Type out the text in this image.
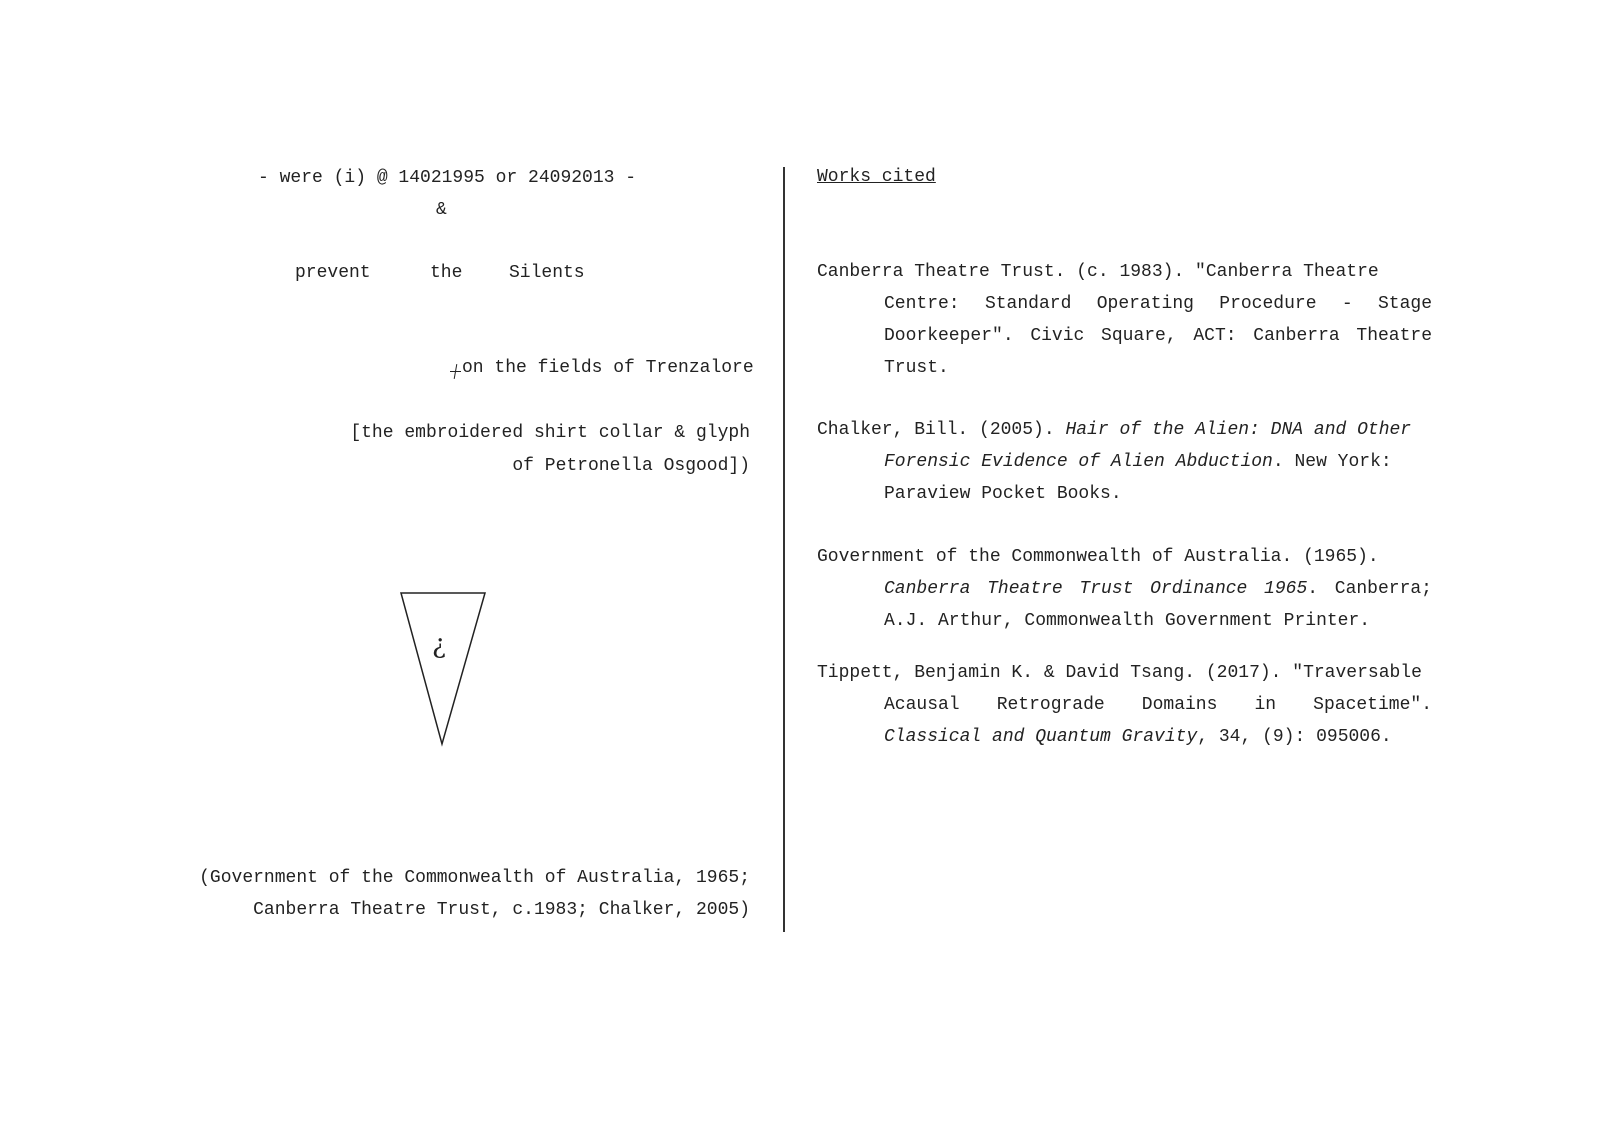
- were (i) @ 14021995 or 24092013 -
&
prevent	the	Silents
on the fields of Trenzalore
[the embroidered shirt collar & glyph
of Petronella Osgood])
¿
(Government of the Commonwealth of Australia, 1965;
Canberra Theatre Trust, c.1983; Chalker, 2005)
Works cited
Canberra Theatre Trust. (c. 1983). "Canberra Theatre
Centre: Standard Operating Procedure - Stage
Doorkeeper". Civic Square, ACT: Canberra Theatre
Trust.
Chalker, Bill. (2005). Hair of the Alien: DNA and Other
Forensic Evidence of Alien Abduction. New York:
Paraview Pocket Books.
Government of the Commonwealth of Australia. (1965).
Canberra Theatre Trust Ordinance 1965. Canberra;
A.J. Arthur, Commonwealth Government Printer.
Tippett, Benjamin K. & David Tsang. (2017). "Traversable
Acausal Retrograde Domains in Spacetime".
Classical and Quantum Gravity, 34, (9): 095006.
